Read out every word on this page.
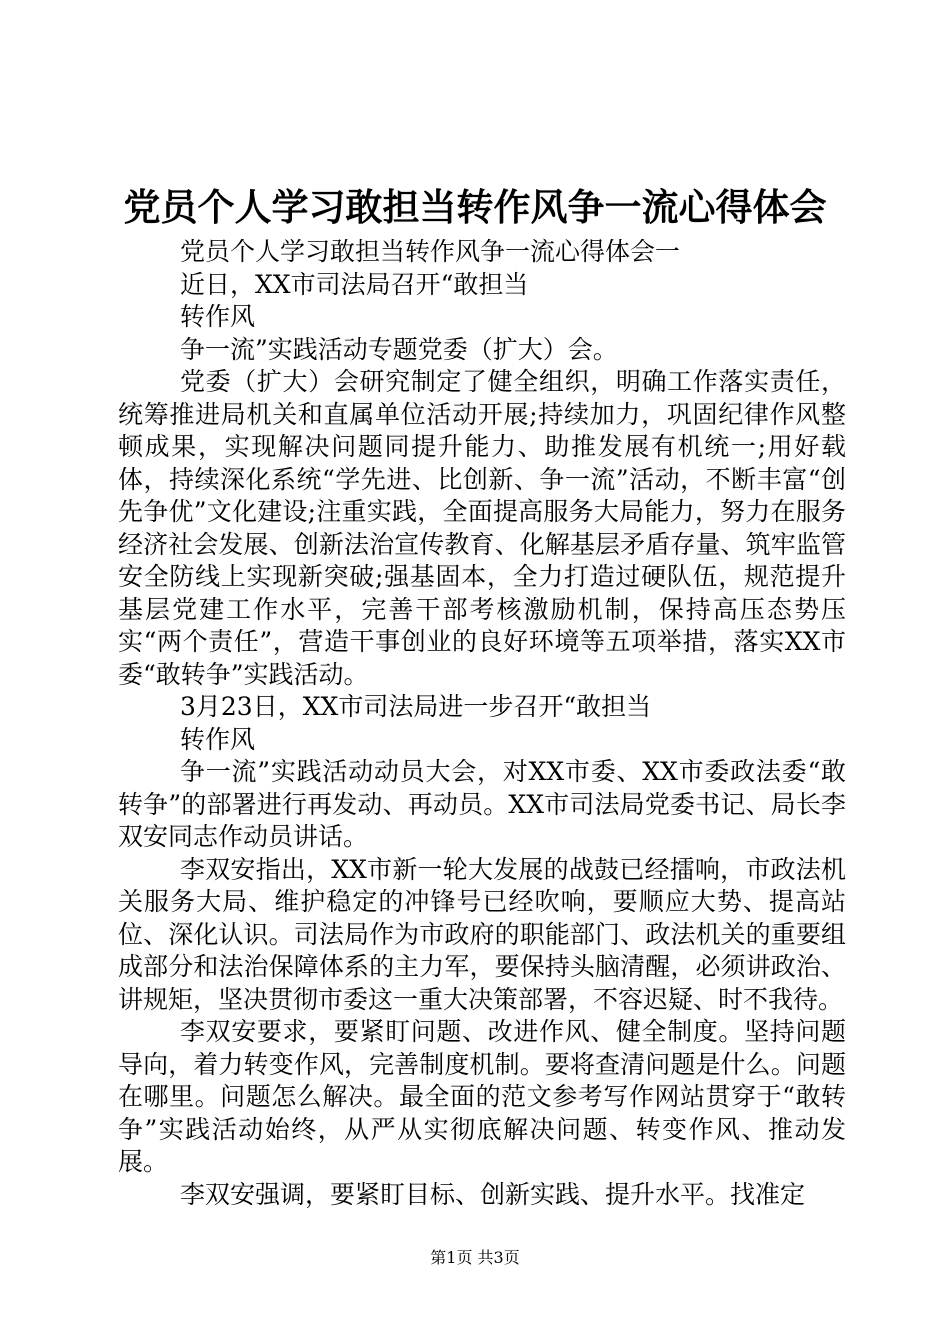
党员个人学习敢担当转作风争一流心得体会

党员个人学习敢担当转作风争一流心得体会一

近日，XX市司法局召开“敢担当

转作风

争一流”实践活动专题党委（扩大）会。

党委（扩大）会研究制定了健全组织，明确工作落实责任，统筹推进局机关和直属单位活动开展;持续加力，巩固纪律作风整顿成果，实现解决问题同提升能力、助推发展有机统一;用好载体，持续深化系统“学先进、比创新、争一流”活动，不断丰富“创先争优”文化建设;注重实践，全面提高服务大局能力，努力在服务经济社会发展、创新法治宣传教育、化解基层矛盾存量、筑牢监管安全防线上实现新突破;强基固本，全力打造过硬队伍，规范提升基层党建工作水平，完善干部考核激励机制，保持高压态势压实“两个责任”，营造干事创业的良好环境等五项举措，落实XX市委“敢转争”实践活动。

3月23日，XX市司法局进一步召开“敢担当

转作风

争一流”实践活动动员大会，对XX市委、XX市委政法委“敢转争”的部署进行再发动、再动员。XX市司法局党委书记、局长李双安同志作动员讲话。

李双安指出，XX市新一轮大发展的战鼓已经擂响，市政法机关服务大局、维护稳定的冲锋号已经吹响，要顺应大势、提高站位、深化认识。司法局作为市政府的职能部门、政法机关的重要组成部分和法治保障体系的主力军，要保持头脑清醒，必须讲政治、讲规矩，坚决贯彻市委这一重大决策部署，不容迟疑、时不我待。

李双安要求，要紧盯问题、改进作风、健全制度。坚持问题导向，着力转变作风，完善制度机制。要将查清问题是什么。问题在哪里。问题怎么解决。最全面的范文参考写作网站贯穿于“敢转争”实践活动始终，从严从实彻底解决问题、转变作风、推动发展。

李双安强调，要紧盯目标、创新实践、提升水平。找准定

第1页 共3页
